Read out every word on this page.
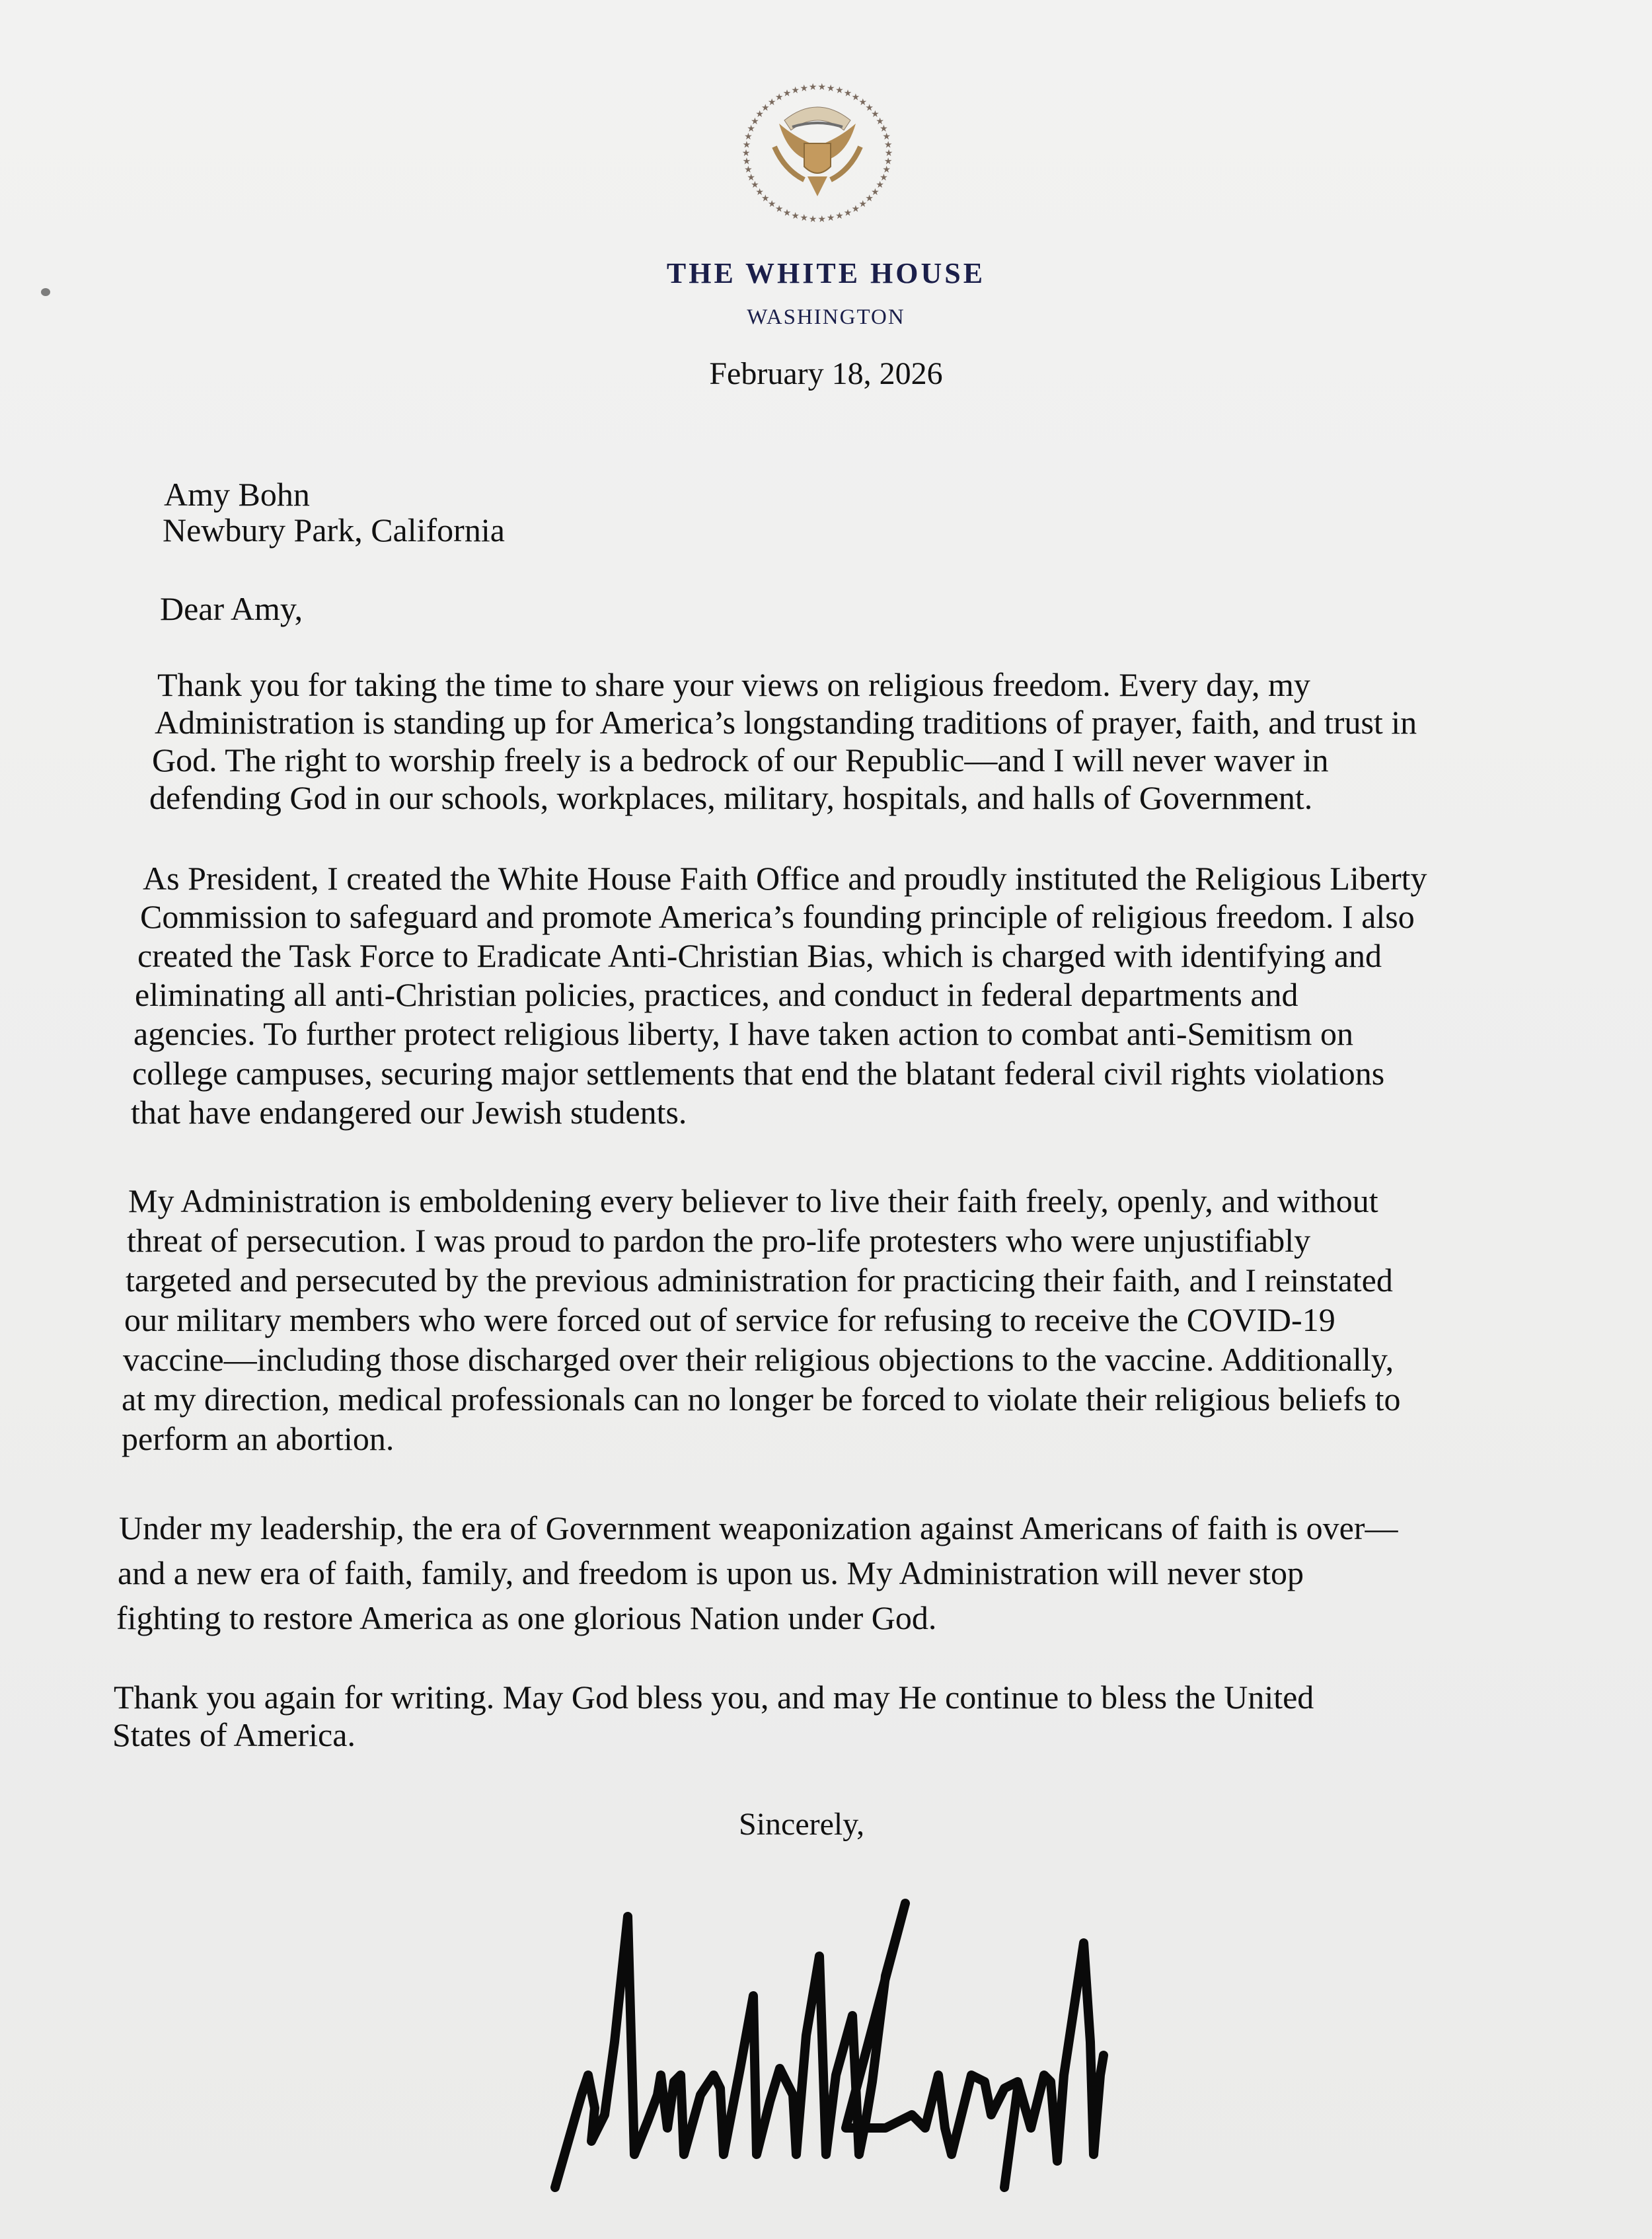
★
★
★
★
★
★
★
★
★
★
★
★
★
★
★
★
★
★
★
★
★
★
★
★
★
★
★
★
★
★
★
★
★
★ ★ ★ ★ ★ ★ ★ ★ ★ ★
★
★
★
★
★
★
★
THE WHITE HOUSE
WASHINGTON
February 18, 2026
Amy Bohn
Newbury Park, California
Dear Amy,
Thank you for taking the time to share your views on religious freedom. Every day, my
Administration is standing up for America’s longstanding traditions of prayer, faith, and trust in
God. The right to worship freely is a bedrock of our Republic—and I will never waver in
defending God in our schools, workplaces, military, hospitals, and halls of Government.
As President, I created the White House Faith Office and proudly instituted the Religious Liberty
Commission to safeguard and promote America’s founding principle of religious freedom. I also
created the Task Force to Eradicate Anti-Christian Bias, which is charged with identifying and
eliminating all anti-Christian policies, practices, and conduct in federal departments and
agencies. To further protect religious liberty, I have taken action to combat anti-Semitism on
college campuses, securing major settlements that end the blatant federal civil rights violations
that have endangered our Jewish students.
My Administration is emboldening every believer to live their faith freely, openly, and without
threat of persecution. I was proud to pardon the pro-life protesters who were unjustifiably
targeted and persecuted by the previous administration for practicing their faith, and I reinstated
our military members who were forced out of service for refusing to receive the COVID-19
vaccine—including those discharged over their religious objections to the vaccine. Additionally,
at my direction, medical professionals can no longer be forced to violate their religious beliefs to
perform an abortion.
Under my leadership, the era of Government weaponization against Americans of faith is over—
and a new era of faith, family, and freedom is upon us. My Administration will never stop
fighting to restore America as one glorious Nation under God.
Thank you again for writing. May God bless you, and may He continue to bless the United
States of America.
Sincerely,
